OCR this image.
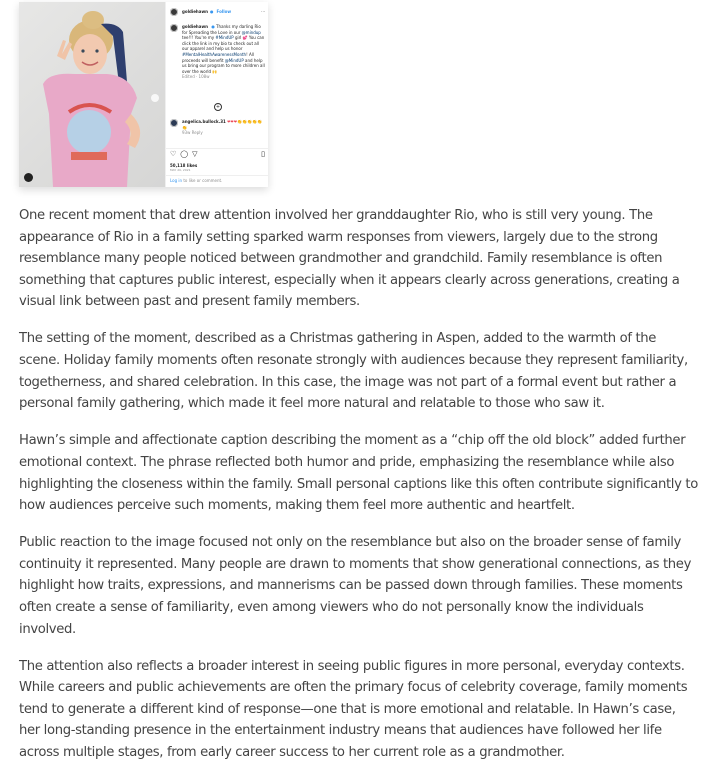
goldiehawn ● Follow	···
goldiehawn ● Thanks my darling Rio for Spreading the Love in our @mindup tee!!! You're my #MindUP girl 💕 You can click the link in my bio to check out all our apparel and help us honor #MentalHealthAwarenessMonth! All proceeds will benefit @MindUP and help us bring our program to more children all over the world 🙌
Edited · 108w
+
angelica.bullock.31 ❤❤❤👏👏👏👏👏👏
93w Reply
♡ ◯ ▽	▯
50,118 likes
MAY 20, 2021
Log in to like or comment.

One recent moment that drew attention involved her granddaughter Rio, who is still very young. The appearance of Rio in a family setting sparked warm responses from viewers, largely due to the strong resemblance many people noticed between grandmother and grandchild. Family resemblance is often something that captures public interest, especially when it appears clearly across generations, creating a visual link between past and present family members.

The setting of the moment, described as a Christmas gathering in Aspen, added to the warmth of the scene. Holiday family moments often resonate strongly with audiences because they represent familiarity, togetherness, and shared celebration. In this case, the image was not part of a formal event but rather a personal family gathering, which made it feel more natural and relatable to those who saw it.

Hawn’s simple and affectionate caption describing the moment as a “chip off the old block” added further emotional context. The phrase reflected both humor and pride, emphasizing the resemblance while also highlighting the closeness within the family. Small personal captions like this often contribute significantly to how audiences perceive such moments, making them feel more authentic and heartfelt.

Public reaction to the image focused not only on the resemblance but also on the broader sense of family continuity it represented. Many people are drawn to moments that show generational connections, as they highlight how traits, expressions, and mannerisms can be passed down through families. These moments often create a sense of familiarity, even among viewers who do not personally know the individuals involved.

The attention also reflects a broader interest in seeing public figures in more personal, everyday contexts. While careers and public achievements are often the primary focus of celebrity coverage, family moments tend to generate a different kind of response—one that is more emotional and relatable. In Hawn’s case, her long-standing presence in the entertainment industry means that audiences have followed her life across multiple stages, from early career success to her current role as a grandmother.
